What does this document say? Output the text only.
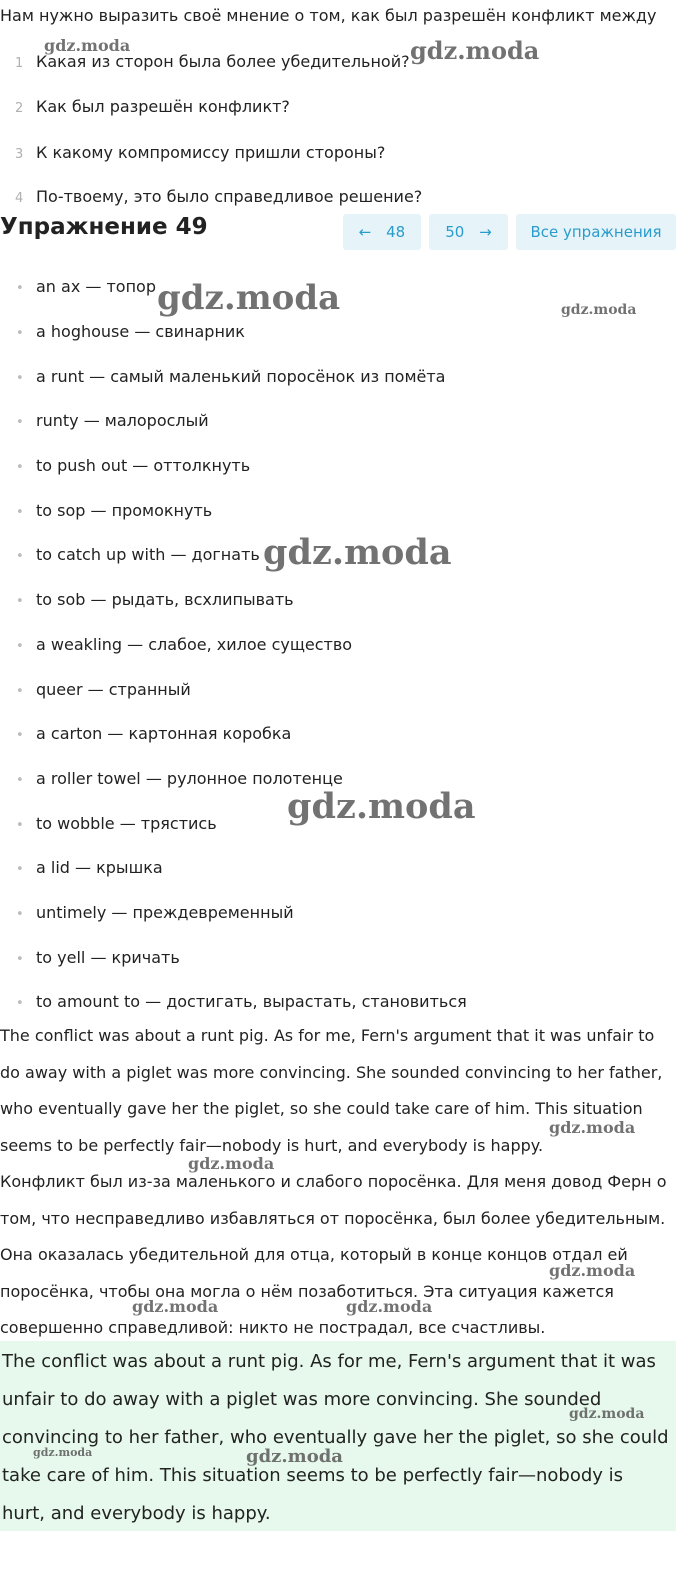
Нам нужно выразить своё мнение о том, как был разрешён конфликт между
1 Какая из сторон была более убедительной?
2 Как был разрешён конфликт?
3 К какому компромиссу пришли стороны?
4 По-твоему, это было справедливое решение?
Упражнение 49	← 48	50 →	Все упражнения
• an ax — топор
• a hoghouse — свинарник
• a runt — самый маленький поросёнок из помёта
• runty — малорослый
• to push out — оттолкнуть
• to sop — промокнуть
• to catch up with — догнать
• to sob — рыдать, всхлипывать
• a weakling — слабое, хилое существо
• queer — странный
• a carton — картонная коробка
• a roller towel — рулонное полотенце
• to wobble — трястись
• a lid — крышка
• untimely — преждевременный
• to yell — кричать
• to amount to — достигать, вырастать, становиться
The conflict was about a runt pig. As for me, Fern's argument that it was unfair to do away with a piglet was more convincing. She sounded convincing to her father, who eventually gave her the piglet, so she could take care of him. This situation seems to be perfectly fair—nobody is hurt, and everybody is happy.
Конфликт был из-за маленького и слабого поросёнка. Для меня довод Ферн о том, что несправедливо избавляться от поросёнка, был более убедительным. Она оказалась убедительной для отца, который в конце концов отдал ей поросёнка, чтобы она могла о нём позаботиться. Эта ситуация кажется совершенно справедливой: никто не пострадал, все счастливы.
The conflict was about a runt pig. As for me, Fern's argument that it was unfair to do away with a piglet was more convincing. She sounded convincing to her father, who eventually gave her the piglet, so she could take care of him. This situation seems to be perfectly fair—nobody is hurt, and everybody is happy.
gdz.moda	gdz.moda
gdz.moda	gdz.moda
gdz.moda
gdz.moda
gdz.moda
gdz.moda
gdz.moda
gdz.moda	gdz.moda
gdz.moda
gdz.moda	gdz.moda
